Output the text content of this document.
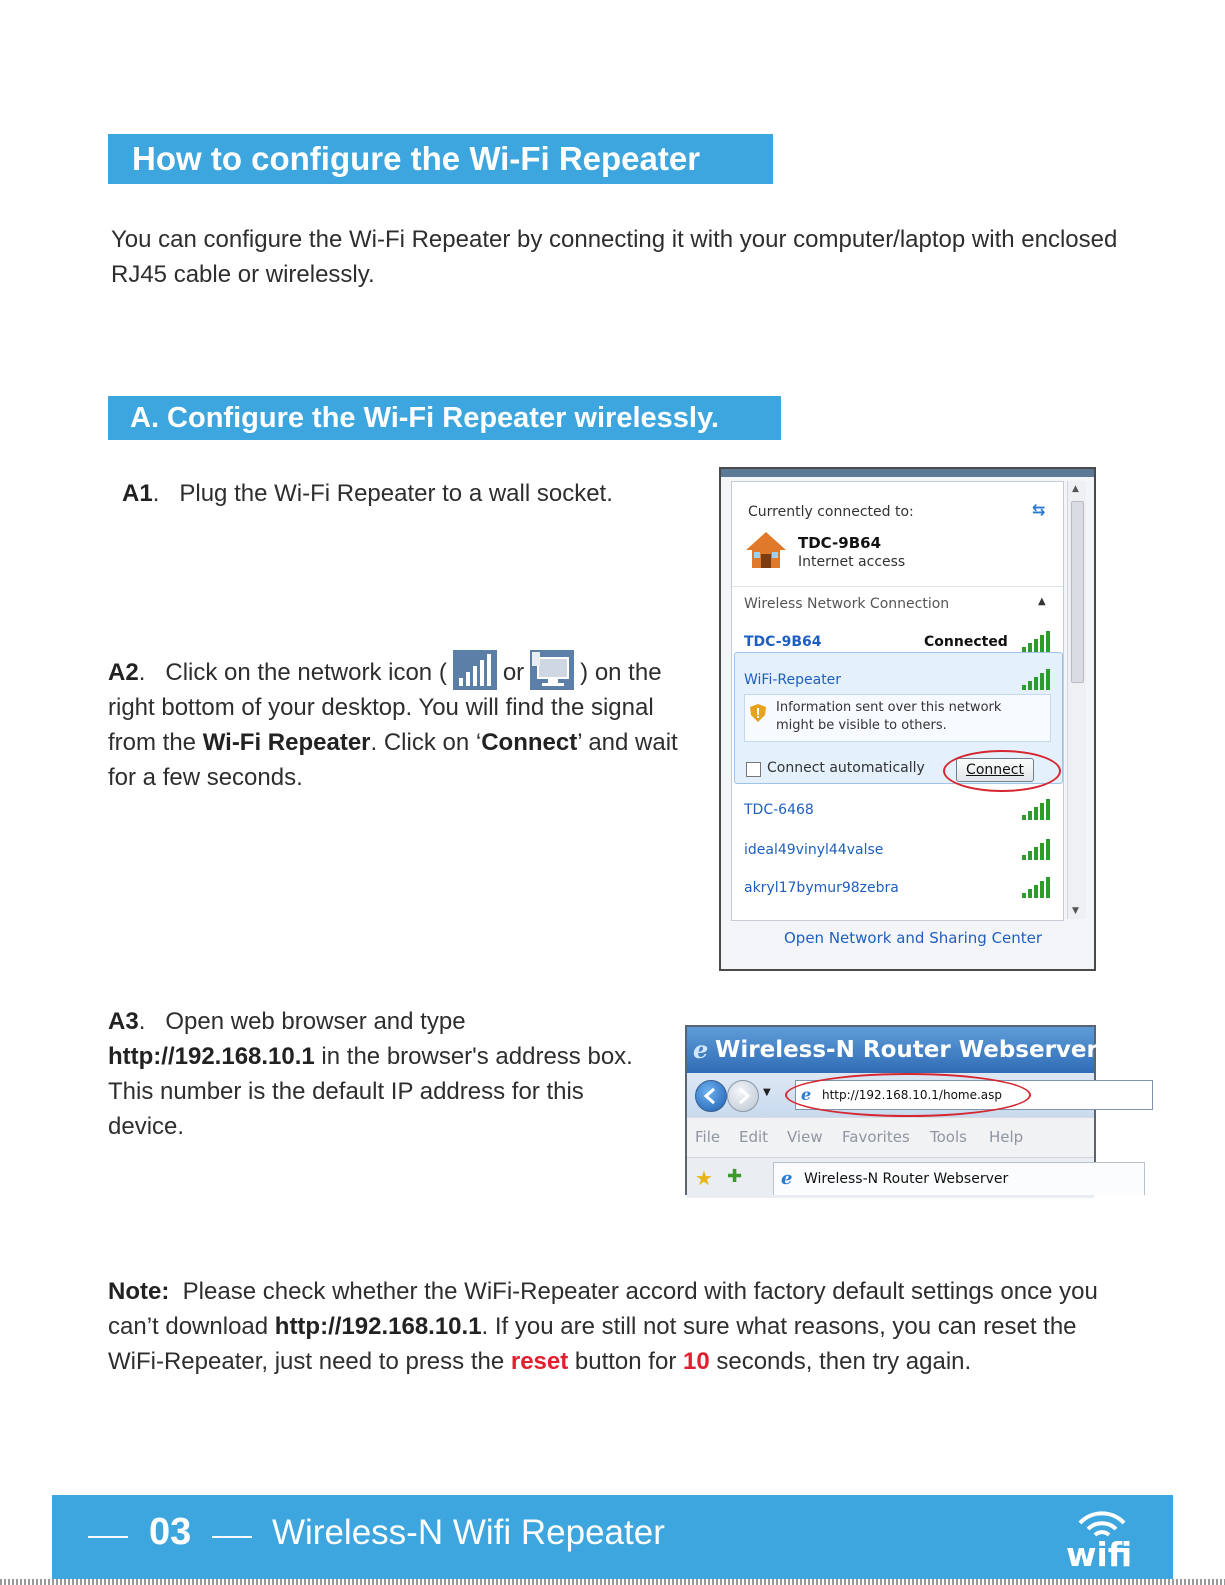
How to configure the Wi-Fi Repeater
You can configure the Wi-Fi Repeater by connecting it with your computer/laptop with enclosed RJ45 cable or wirelessly.
A. Configure the Wi-Fi Repeater wirelessly.
A1.   Plug the Wi-Fi Repeater to a wall socket.
A2.   Click on the network icon ( or ) on the right bottom of your desktop. You will find the signal from the Wi-Fi Repeater. Click on ‘Connect’ and wait for a few seconds.
Currently connected to:	⇆
TDC-9B64
Internet access
Wireless Network Connection	▲
TDC-9B64	Connected
WiFi-Repeater
Information sent over this network
might be visible to others.
Connect automatically	Connect
TDC-6468
ideal49vinyl44valse
akryl17bymur98zebra
▲
▼
Open Network and Sharing Center
A3.   Open web browser and type
http://192.168.10.1 in the browser's address box. This number is the default IP address for this device.
Wireless-N Router Webserver - W
e
▼	http://192.168.10.1/home.asp
e
File Edit View Favorites Tools Help
★ ✚	Wireless-N Router Webserver
e
Note: Please check whether the WiFi-Repeater accord with factory default settings once you can’t download http://192.168.10.1. If you are still not sure what reasons, you can reset the WiFi-Repeater, just need to press the reset button for 10 seconds, then try again.
03 Wireless-N Wifi Repeater
wifi
